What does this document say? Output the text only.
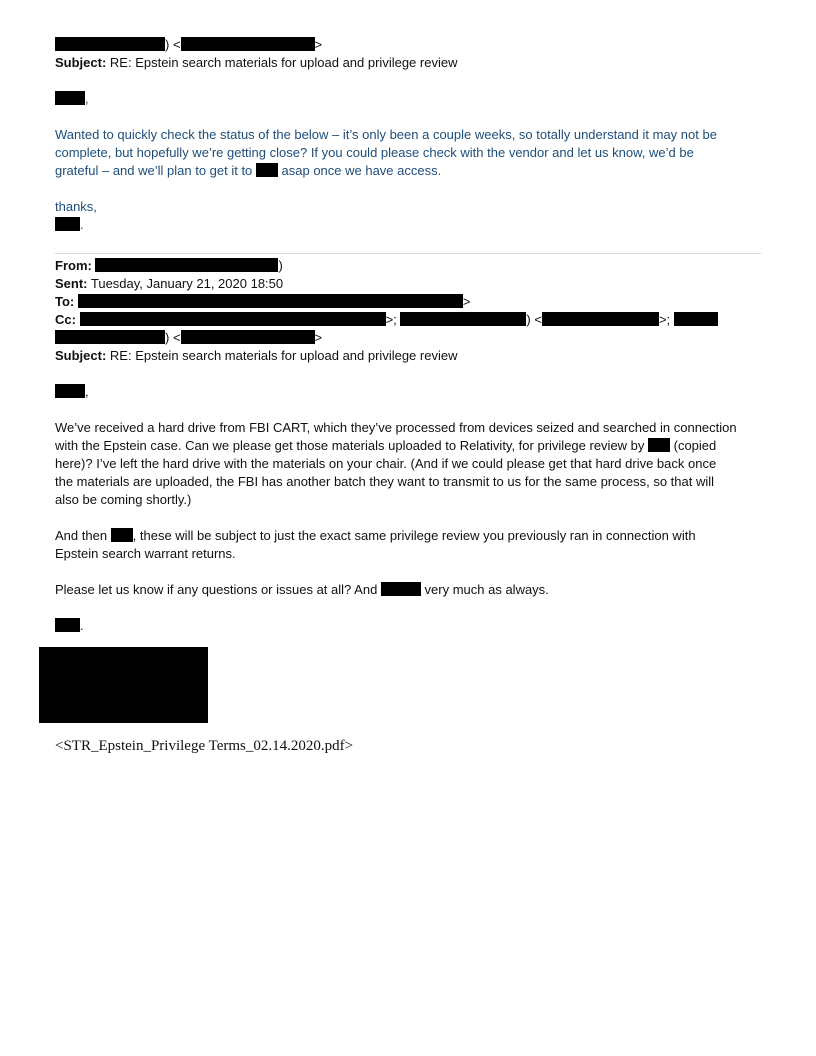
) <	>
Subject: RE: Epstein search materials for upload and privilege review
,
Wanted to quickly check the status of the below – it’s only been a couple weeks, so totally understand it may not be
complete, but hopefully we’re getting close? If you could please check with the vendor and let us know, we’d be
grateful – and we’ll plan to get it to  asap once we have access.
thanks,
.
From:	)
Sent: Tuesday, January 21, 2020 18:50
To:	>
Cc:	>;	) <	>;
) <	>
Subject: RE: Epstein search materials for upload and privilege review
,
We’ve received a hard drive from FBI CART, which they’ve processed from devices seized and searched in connection
with the Epstein case. Can we please get those materials uploaded to Relativity, for privilege review by  (copied
here)? I’ve left the hard drive with the materials on your chair. (And if we could please get that hard drive back once
the materials are uploaded, the FBI has another batch they want to transmit to us for the same process, so that will
also be coming shortly.)
And then , these will be subject to just the exact same privilege review you previously ran in connection with
Epstein search warrant returns.
Please let us know if any questions or issues at all? And	very much as always.
.
<STR_Epstein_Privilege Terms_02.14.2020.pdf>
